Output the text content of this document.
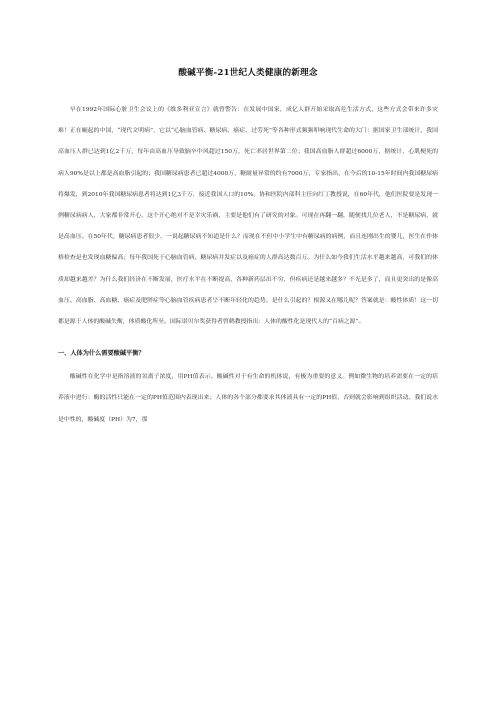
酸碱平衡-21世纪人类健康的新理念

早在1992年国际心脏卫生会议上的《维多利亚宣言》就曾警告：在发展中国家，成亿人群开始采取高危生活方式，这些方式会带来许多灾难！正在崛起的中国，“现代文明病”，它以“心脑血管病、糖尿病、癌症、过劳死”等各种形式频频叩响现代生命的大门：据国家卫生部统计，我国高血压人群已达到1亿2千万，每年由高血压导致脑卒中风超过150万，死亡率居世界第二位；我国高血脂人群超过6000万，据统计，心肌梗死的病人90%是以上都是高血脂引起的；我国糖尿病患者已超过4000万，糖耐量异常的约有7000万，专家指出，在今后的10-15年时间内我国糖尿病将爆发，到2010年我国糖尿病患者将达到1亿3千万，接近我国人口的10%。协和医院内部科主任向红丁教授说，在60年代，他们医院要是发现一例糖尿病病人，大家都非常开心，这个开心绝对不是幸灾乐祸，主要是他们有了研究的对象。可现在再翻一翻，随便找几位老人，不是糖尿病，就是高血压。在50年代，糖尿病患者很少，一说起糖尿病不知道是什么？而现在不但中小学生中有糖尿病的病例，而且连刚出生的婴儿，医生在作体格检查是也发现血糖偏高；每年我国死于心脑血管病、糖尿病并发症以及癌症的人群高达数百万。为什么如今我们生活水平越来越高，可我们的体质却越来越差？为什么我们经济在不断发展，医疗水平在不断提高，各种新药层出不穷，但疾病还是越来越多？不光是多了，而且更突出的是像高血压、高血脂、高血糖、癌症及肥胖症等心脑血管疾病患者呈不断年轻化的趋势。是什么引起的？根源又在哪儿呢？答案就是：酸性体质！这一切都是源于人体的酸碱失衡，体质酸化所至。国际诺贝尔奖获得者曾鹤教授指出：人体的酸性化是现代人的“百病之源”。

一、人体为什么需要酸碱平衡？

酸碱性在化学中是指溶液的氢离子浓度，用PH值表示。酸碱性对于有生命的机体说，有极为重要的意义。例如微生物的培养需要在一定的培养液中进行：酶的活性只能在一定的PH值范围内表现出来；人体的各个部分都要求其体液具有一定的PH值，否则就会影响到组织活动。我们说水是中性的，酸碱度（PH）为7，那
